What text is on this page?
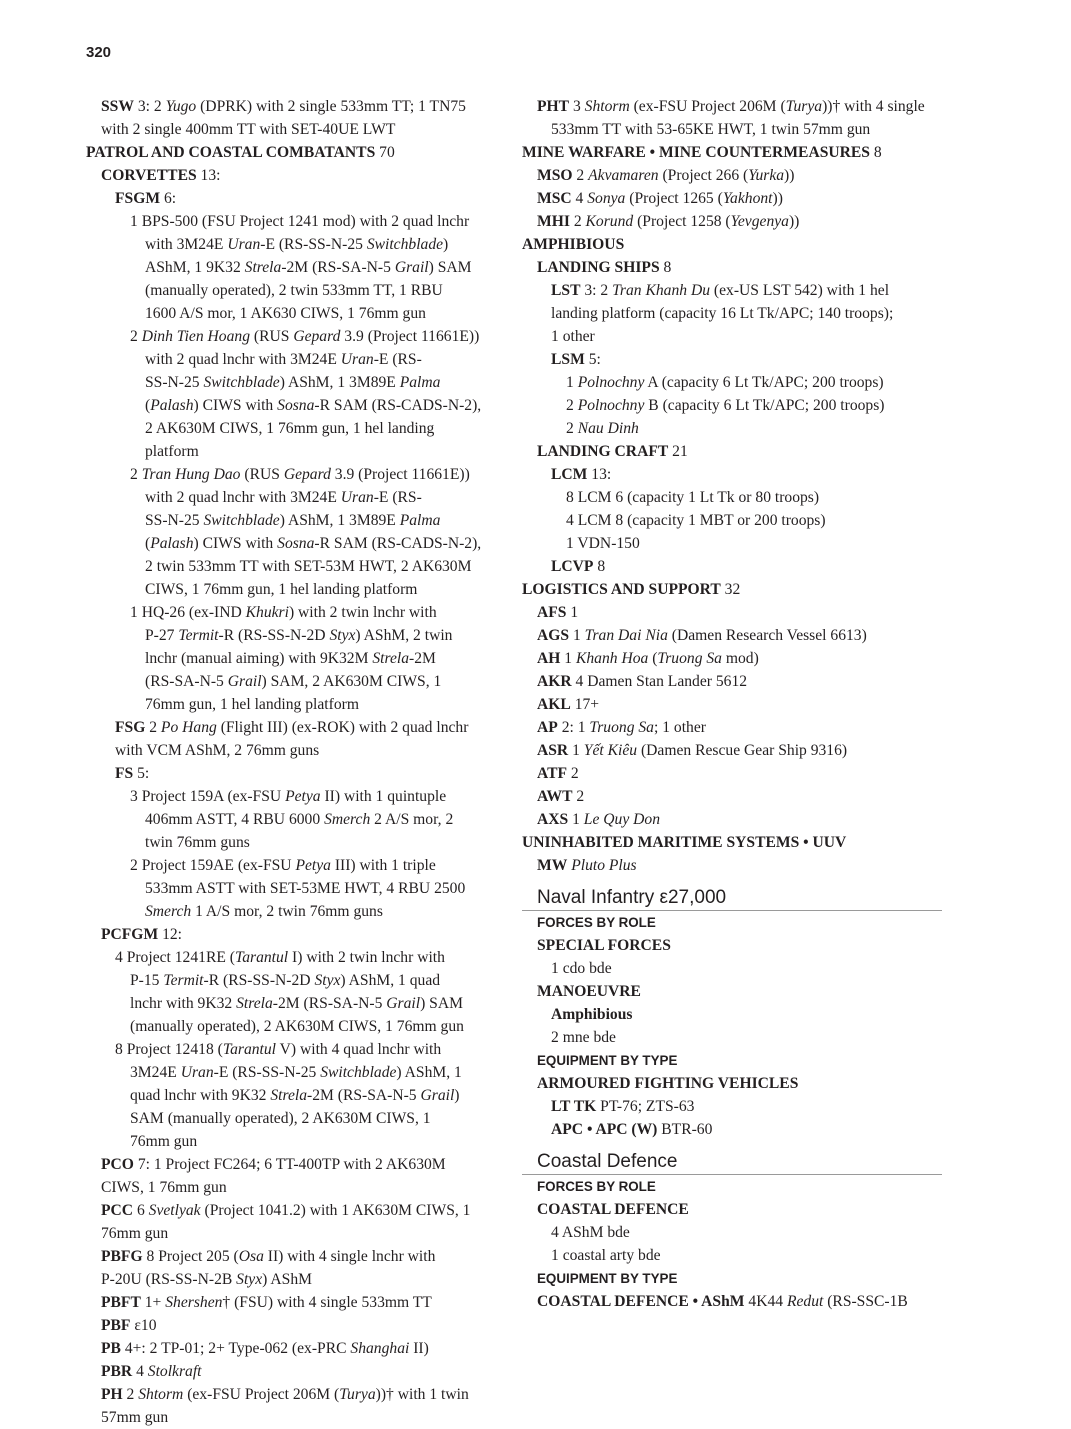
320
SSW 3: 2 Yugo (DPRK) with 2 single 533mm TT; 1 TN75
with 2 single 400mm TT with SET-40UE LWT
PATROL AND COASTAL COMBATANTS 70
CORVETTES 13:
FSGM 6:
1 BPS-500 (FSU Project 1241 mod) with 2 quad lnchr
with 3M24E Uran-E (RS-SS-N-25 Switchblade)
AShM, 1 9K32 Strela-2M (RS-SA-N-5 Grail) SAM
(manually operated), 2 twin 533mm TT, 1 RBU
1600 A/S mor, 1 AK630 CIWS, 1 76mm gun
2 Dinh Tien Hoang (RUS Gepard 3.9 (Project 11661E))
with 2 quad lnchr with 3M24E Uran-E (RS-
SS-N-25 Switchblade) AShM, 1 3M89E Palma
(Palash) CIWS with Sosna-R SAM (RS-CADS-N-2),
2 AK630M CIWS, 1 76mm gun, 1 hel landing
platform
2 Tran Hung Dao (RUS Gepard 3.9 (Project 11661E))
with 2 quad lnchr with 3M24E Uran-E (RS-
SS-N-25 Switchblade) AShM, 1 3M89E Palma
(Palash) CIWS with Sosna-R SAM (RS-CADS-N-2),
2 twin 533mm TT with SET-53M HWT, 2 AK630M
CIWS, 1 76mm gun, 1 hel landing platform
1 HQ-26 (ex-IND Khukri) with 2 twin lnchr with
P-27 Termit-R (RS-SS-N-2D Styx) AShM, 2 twin
lnchr (manual aiming) with 9K32M Strela-2M
(RS-SA-N-5 Grail) SAM, 2 AK630M CIWS, 1
76mm gun, 1 hel landing platform
FSG 2 Po Hang (Flight III) (ex-ROK) with 2 quad lnchr
with VCM AShM, 2 76mm guns
FS 5:
3 Project 159A (ex-FSU Petya II) with 1 quintuple
406mm ASTT, 4 RBU 6000 Smerch 2 A/S mor, 2
twin 76mm guns
2 Project 159AE (ex-FSU Petya III) with 1 triple
533mm ASTT with SET-53ME HWT, 4 RBU 2500
Smerch 1 A/S mor, 2 twin 76mm guns
PCFGM 12:
4 Project 1241RE (Tarantul I) with 2 twin lnchr with
P-15 Termit-R (RS-SS-N-2D Styx) AShM, 1 quad
lnchr with 9K32 Strela-2M (RS-SA-N-5 Grail) SAM
(manually operated), 2 AK630M CIWS, 1 76mm gun
8 Project 12418 (Tarantul V) with 4 quad lnchr with
3M24E Uran-E (RS-SS-N-25 Switchblade) AShM, 1
quad lnchr with 9K32 Strela-2M (RS-SA-N-5 Grail)
SAM (manually operated), 2 AK630M CIWS, 1
76mm gun
PCO 7: 1 Project FC264; 6 TT-400TP with 2 AK630M
CIWS, 1 76mm gun
PCC 6 Svetlyak (Project 1041.2) with 1 AK630M CIWS, 1
76mm gun
PBFG 8 Project 205 (Osa II) with 4 single lnchr with
P-20U (RS-SS-N-2B Styx) AShM
PBFT 1+ Shershen† (FSU) with 4 single 533mm TT
PBF ε10
PB 4+: 2 TP-01; 2+ Type-062 (ex-PRC Shanghai II)
PBR 4 Stolkraft
PH 2 Shtorm (ex-FSU Project 206M (Turya))† with 1 twin
57mm gun
PHT 3 Shtorm (ex-FSU Project 206M (Turya))† with 4 single
533mm TT with 53-65KE HWT, 1 twin 57mm gun
MINE WARFARE • MINE COUNTERMEASURES 8
MSO 2 Akvamaren (Project 266 (Yurka))
MSC 4 Sonya (Project 1265 (Yakhont))
MHI 2 Korund (Project 1258 (Yevgenya))
AMPHIBIOUS
LANDING SHIPS 8
LST 3: 2 Tran Khanh Du (ex-US LST 542) with 1 hel
landing platform (capacity 16 Lt Tk/APC; 140 troops);
1 other
LSM 5:
1 Polnochny A (capacity 6 Lt Tk/APC; 200 troops)
2 Polnochny B (capacity 6 Lt Tk/APC; 200 troops)
2 Nau Dinh
LANDING CRAFT 21
LCM 13:
8 LCM 6 (capacity 1 Lt Tk or 80 troops)
4 LCM 8 (capacity 1 MBT or 200 troops)
1 VDN-150
LCVP 8
LOGISTICS AND SUPPORT 32
AFS 1
AGS 1 Tran Dai Nia (Damen Research Vessel 6613)
AH 1 Khanh Hoa (Truong Sa mod)
AKR 4 Damen Stan Lander 5612
AKL 17+
AP 2: 1 Truong Sa; 1 other
ASR 1 Yết Kiêu (Damen Rescue Gear Ship 9316)
ATF 2
AWT 2
AXS 1 Le Quy Don
UNINHABITED MARITIME SYSTEMS • UUV
MW Pluto Plus
Naval Infantry ε27,000
FORCES BY ROLE
SPECIAL FORCES
1 cdo bde
MANOEUVRE
Amphibious
2 mne bde
EQUIPMENT BY TYPE
ARMOURED FIGHTING VEHICLES
LT TK PT-76; ZTS-63
APC • APC (W) BTR-60
Coastal Defence
FORCES BY ROLE
COASTAL DEFENCE
4 AShM bde
1 coastal arty bde
EQUIPMENT BY TYPE
COASTAL DEFENCE • AShM 4K44 Redut (RS-SSC-1B
